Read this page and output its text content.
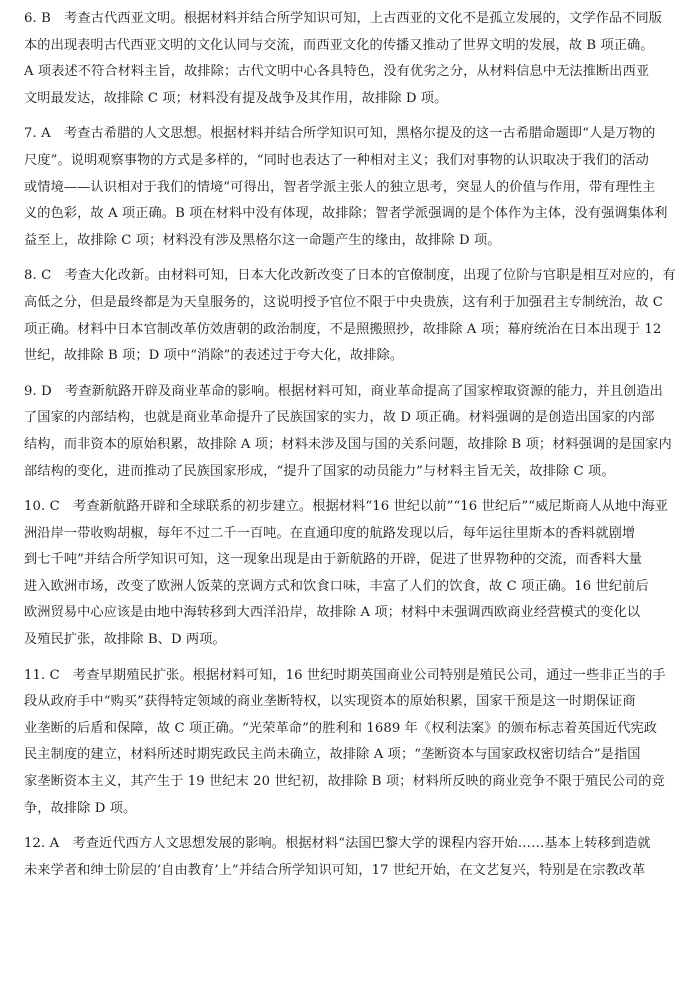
6. B　考查古代西亚文明。根据材料并结合所学知识可知，上古西亚的文化不是孤立发展的，文学作品不同版
本的出现表明古代西亚文明的文化认同与交流，而西亚文化的传播又推动了世界文明的发展，故 B 项正确。
A 项表述不符合材料主旨，故排除；古代文明中心各具特色，没有优劣之分，从材料信息中无法推断出西亚
文明最发达，故排除 C 项；材料没有提及战争及其作用，故排除 D 项。
7. A　考查古希腊的人文思想。根据材料并结合所学知识可知，黑格尔提及的这一古希腊命题即“人是万物的
尺度”。说明观察事物的方式是多样的，“同时也表达了一种相对主义；我们对事物的认识取决于我们的活动
或情境——认识相对于我们的情境”可得出，智者学派主张人的独立思考，突显人的价值与作用，带有理性主
义的色彩，故 A 项正确。B 项在材料中没有体现，故排除；智者学派强调的是个体作为主体，没有强调集体利
益至上，故排除 C 项；材料没有涉及黑格尔这一命题产生的缘由，故排除 D 项。
8. C　考查大化改新。由材料可知，日本大化改新改变了日本的官僚制度，出现了位阶与官职是相互对应的，有
高低之分，但是最终都是为天皇服务的，这说明授予官位不限于中央贵族，这有利于加强君主专制统治，故 C
项正确。材料中日本官制改革仿效唐朝的政治制度，不是照搬照抄，故排除 A 项；幕府统治在日本出现于 12
世纪，故排除 B 项；D 项中“消除”的表述过于夸大化，故排除。
9. D　考查新航路开辟及商业革命的影响。根据材料可知，商业革命提高了国家榨取资源的能力，并且创造出
了国家的内部结构，也就是商业革命提升了民族国家的实力，故 D 项正确。材料强调的是创造出国家的内部
结构，而非资本的原始积累，故排除 A 项；材料未涉及国与国的关系问题，故排除 B 项；材料强调的是国家内
部结构的变化，进而推动了民族国家形成，“提升了国家的动员能力”与材料主旨无关，故排除 C 项。
10. C　考查新航路开辟和全球联系的初步建立。根据材料“16 世纪以前”“16 世纪后”“威尼斯商人从地中海亚
洲沿岸一带收购胡椒，每年不过二千一百吨。在直通印度的航路发现以后，每年运往里斯本的香料就剧增
到七千吨”并结合所学知识可知，这一现象出现是由于新航路的开辟，促进了世界物种的交流，而香料大量
进入欧洲市场，改变了欧洲人饭菜的烹调方式和饮食口味，丰富了人们的饮食，故 C 项正确。16 世纪前后
欧洲贸易中心应该是由地中海转移到大西洋沿岸，故排除 A 项；材料中未强调西欧商业经营模式的变化以
及殖民扩张，故排除 B、D 两项。
11. C　考查早期殖民扩张。根据材料可知，16 世纪时期英国商业公司特别是殖民公司，通过一些非正当的手
段从政府手中“购买”获得特定领域的商业垄断特权，以实现资本的原始积累，国家干预是这一时期保证商
业垄断的后盾和保障，故 C 项正确。“光荣革命”的胜利和 1689 年《权利法案》的颁布标志着英国近代宪政
民主制度的建立，材料所述时期宪政民主尚未确立，故排除 A 项；“垄断资本与国家政权密切结合”是指国
家垄断资本主义，其产生于 19 世纪末 20 世纪初，故排除 B 项；材料所反映的商业竞争不限于殖民公司的竞
争，故排除 D 项。
12. A　考查近代西方人文思想发展的影响。根据材料“法国巴黎大学的课程内容开始……基本上转移到造就
未来学者和绅士阶层的‘自由教育’上”并结合所学知识可知，17 世纪开始，在文艺复兴，特别是在宗教改革
